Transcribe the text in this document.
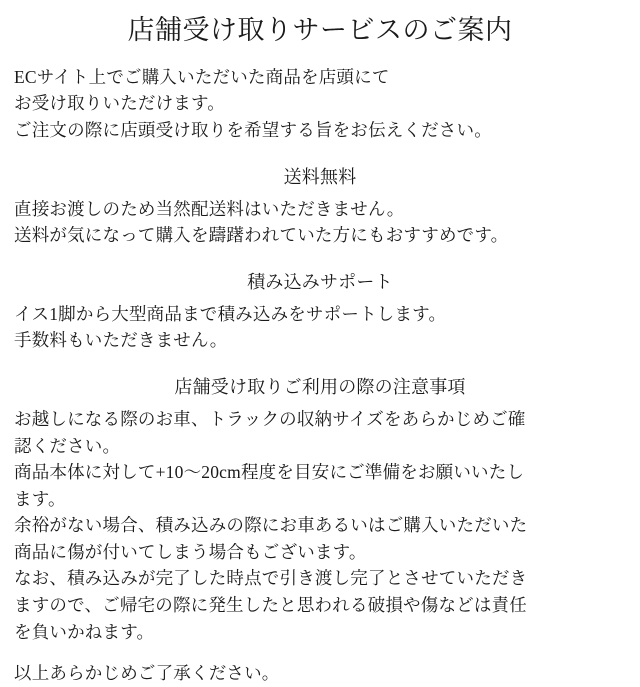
店舗受け取りサービスのご案内

ECサイト上でご購入いただいた商品を店頭にて

お受け取りいただけます。

ご注文の際に店頭受け取りを希望する旨をお伝えください。

送料無料

直接お渡しのため当然配送料はいただきません。

送料が気になって購入を躊躇われていた方にもおすすめです。

積み込みサポート

イス1脚から大型商品まで積み込みをサポートします。

手数料もいただきません。

店舗受け取りご利用の際の注意事項

お越しになる際のお車、トラックの収納サイズをあらかじめご確

認ください。

商品本体に対して+10〜20cm程度を目安にご準備をお願いいたし

ます。

余裕がない場合、積み込みの際にお車あるいはご購入いただいた

商品に傷が付いてしまう場合もございます。

なお、積み込みが完了した時点で引き渡し完了とさせていただき

ますので、ご帰宅の際に発生したと思われる破損や傷などは責任

を負いかねます。

以上あらかじめご了承ください。
